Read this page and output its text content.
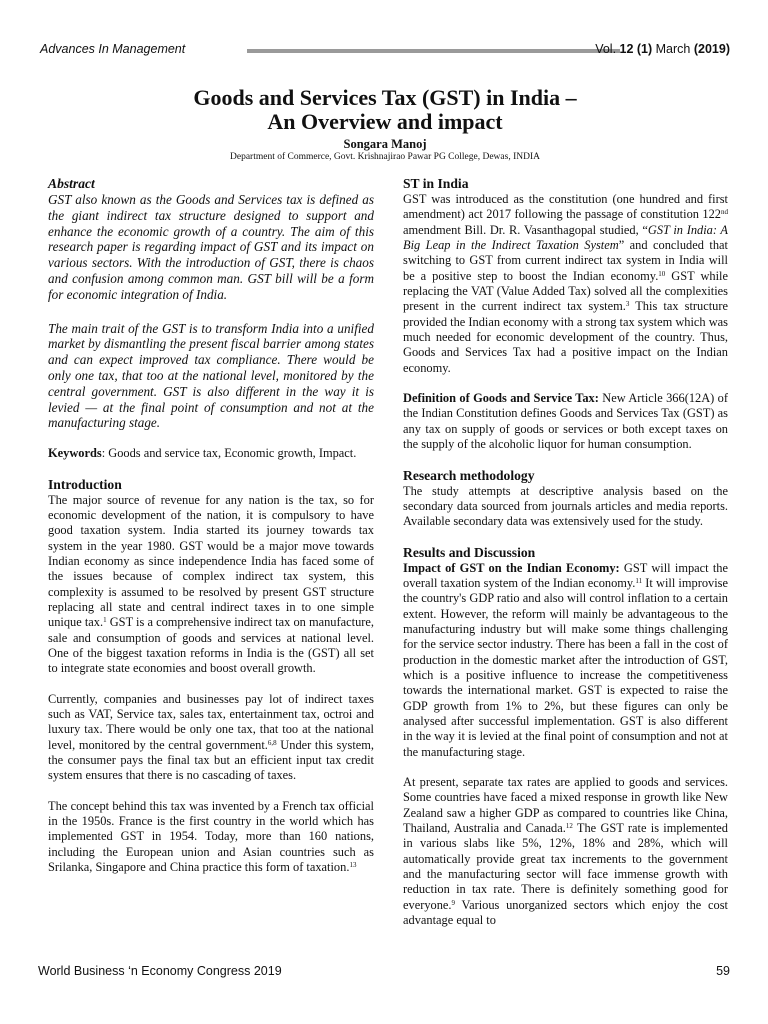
Advances In Management	Vol. 12 (1) March (2019)
Goods and Services Tax (GST) in India –
An Overview and impact
Songara Manoj
Department of Commerce, Govt. Krishnajirao Pawar PG College, Dewas, INDIA
Abstract

GST also known as the Goods and Services tax is defined as the giant indirect tax structure designed to support and enhance the economic growth of a country. The aim of this research paper is regarding impact of GST and its impact on various sectors. With the introduction of GST, there is chaos and confusion among common man. GST bill will be a form for economic integration of India.

The main trait of the GST is to transform India into a unified market by dismantling the present fiscal barrier among states and can expect improved tax compliance. There would be only one tax, that too at the national level, monitored by the central government. GST is also different in the way it is levied — at the final point of consumption and not at the manufacturing stage.

Keywords: Goods and service tax, Economic growth, Impact.

Introduction

The major source of revenue for any nation is the tax, so for economic development of the nation, it is compulsory to have good taxation system. India started its journey towards tax system in the year 1980. GST would be a major move towards Indian economy as since independence India has faced some of the issues because of complex indirect tax system, this complexity is assumed to be resolved by present GST structure replacing all state and central indirect taxes in to one simple unique tax.$^1$ GST is a comprehensive indirect tax on manufacture, sale and consumption of goods and services at national level. One of the biggest taxation reforms in India is the (GST) all set to integrate state economies and boost overall growth.

Currently, companies and businesses pay lot of indirect taxes such as VAT, Service tax, sales tax, entertainment tax, octroi and luxury tax. There would be only one tax, that too at the national level, monitored by the central government.$^{6,8}$ Under this system, the consumer pays the final tax but an efficient input tax credit system ensures that there is no cascading of taxes.

The concept behind this tax was invented by a French tax official in the 1950s. France is the first country in the world which has implemented GST in 1954. Today, more than 160 nations, including the European union and Asian countries such as Srilanka, Singapore and China practice this form of taxation.$^{13}$

ST in India

GST was introduced as the constitution (one hundred and first amendment) act 2017 following the passage of constitution 122nd amendment Bill. Dr. R. Vasanthagopal studied, “GST in India: A Big Leap in the Indirect Taxation System” and concluded that switching to GST from current indirect tax system in India will be a positive step to boost the Indian economy.$^{10}$ GST while replacing the VAT (Value Added Tax) solved all the complexities present in the current indirect tax system.$^3$ This tax structure provided the Indian economy with a strong tax system which was much needed for economic development of the country. Thus, Goods and Services Tax had a positive impact on the Indian economy.

Definition of Goods and Service Tax: New Article 366(12A) of the Indian Constitution defines Goods and Services Tax (GST) as any tax on supply of goods or services or both except taxes on the supply of the alcoholic liquor for human consumption.

Research methodology

The study attempts at descriptive analysis based on the secondary data sourced from journals articles and media reports. Available secondary data was extensively used for the study.

Results and Discussion

Impact of GST on the Indian Economy: GST will impact the overall taxation system of the Indian economy.$^{11}$ It will improvise the country's GDP ratio and also will control inflation to a certain extent. However, the reform will mainly be advantageous to the manufacturing industry but will make some things challenging for the service sector industry. There has been a fall in the cost of production in the domestic market after the introduction of GST, which is a positive influence to increase the competitiveness towards the international market. GST is expected to raise the GDP growth from 1% to 2%, but these figures can only be analysed after successful implementation. GST is also different in the way it is levied at the final point of consumption and not at the manufacturing stage.

At present, separate tax rates are applied to goods and services. Some countries have faced a mixed response in growth like New Zealand saw a higher GDP as compared to countries like China, Thailand, Australia and Canada.$^{12}$ The GST rate is implemented in various slabs like 5%, 12%, 18% and 28%, which will automatically provide great tax increments to the government and the manufacturing sector will face immense growth with reduction in tax rate. There is definitely something good for everyone.$^9$ Various unorganized sectors which enjoy the cost advantage equal to

World Business ‘n Economy Congress 2019	59
